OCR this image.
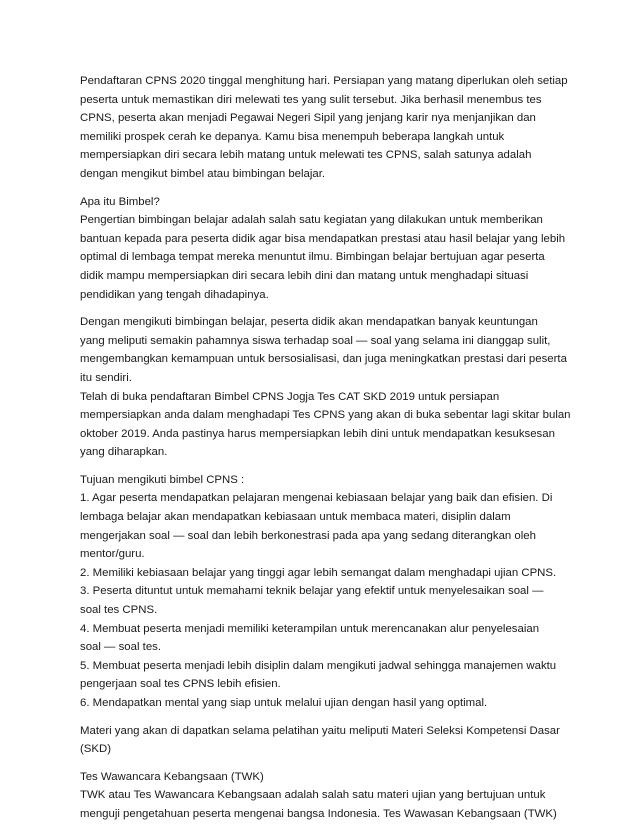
Pendaftaran CPNS 2020 tinggal menghitung hari. Persiapan yang matang diperlukan oleh setiap
peserta untuk memastikan diri melewati tes yang sulit tersebut. Jika berhasil menembus tes
CPNS, peserta akan menjadi Pegawai Negeri Sipil yang jenjang karir nya menjanjikan dan
memiliki prospek cerah ke depanya. Kamu bisa menempuh beberapa langkah untuk
mempersiapkan diri secara lebih matang untuk melewati tes CPNS, salah satunya adalah
dengan mengikut bimbel atau bimbingan belajar.
Apa itu Bimbel?
Pengertian bimbingan belajar adalah salah satu kegiatan yang dilakukan untuk memberikan
bantuan kepada para peserta didik agar bisa mendapatkan prestasi atau hasil belajar yang lebih
optimal di lembaga tempat mereka menuntut ilmu. Bimbingan belajar bertujuan agar peserta
didik mampu mempersiapkan diri secara lebih dini dan matang untuk menghadapi situasi
pendidikan yang tengah dihadapinya.
Dengan mengikuti bimbingan belajar, peserta didik akan mendapatkan banyak keuntungan
yang meliputi semakin pahamnya siswa terhadap soal — soal yang selama ini dianggap sulit,
mengembangkan kemampuan untuk bersosialisasi, dan juga meningkatkan prestasi dari peserta
itu sendiri.
Telah di buka pendaftaran Bimbel CPNS Jogja Tes CAT SKD 2019 untuk persiapan
mempersiapkan anda dalam menghadapi Tes CPNS yang akan di buka sebentar lagi skitar bulan
oktober 2019. Anda pastinya harus mempersiapkan lebih dini untuk mendapatkan kesuksesan
yang diharapkan.
Tujuan mengikuti bimbel CPNS :
1. Agar peserta mendapatkan pelajaran mengenai kebiasaan belajar yang baik dan efisien. Di
lembaga belajar akan mendapatkan kebiasaan untuk membaca materi, disiplin dalam
mengerjakan soal — soal dan lebih berkonestrasi pada apa yang sedang diterangkan oleh
mentor/guru.
2. Memiliki kebiasaan belajar yang tinggi agar lebih semangat dalam menghadapi ujian CPNS.
3. Peserta dituntut untuk memahami teknik belajar yang efektif untuk menyelesaikan soal —
soal tes CPNS.
4. Membuat peserta menjadi memiliki keterampilan untuk merencanakan alur penyelesaian
soal — soal tes.
5. Membuat peserta menjadi lebih disiplin dalam mengikuti jadwal sehingga manajemen waktu
pengerjaan soal tes CPNS lebih efisien.
6. Mendapatkan mental yang siap untuk melalui ujian dengan hasil yang optimal.
Materi yang akan di dapatkan selama pelatihan yaitu meliputi Materi Seleksi Kompetensi Dasar
(SKD)
Tes Wawancara Kebangsaan (TWK)
TWK atau Tes Wawancara Kebangsaan adalah salah satu materi ujian yang bertujuan untuk
menguji pengetahuan peserta mengenai bangsa Indonesia. Tes Wawasan Kebangsaan (TWK)
